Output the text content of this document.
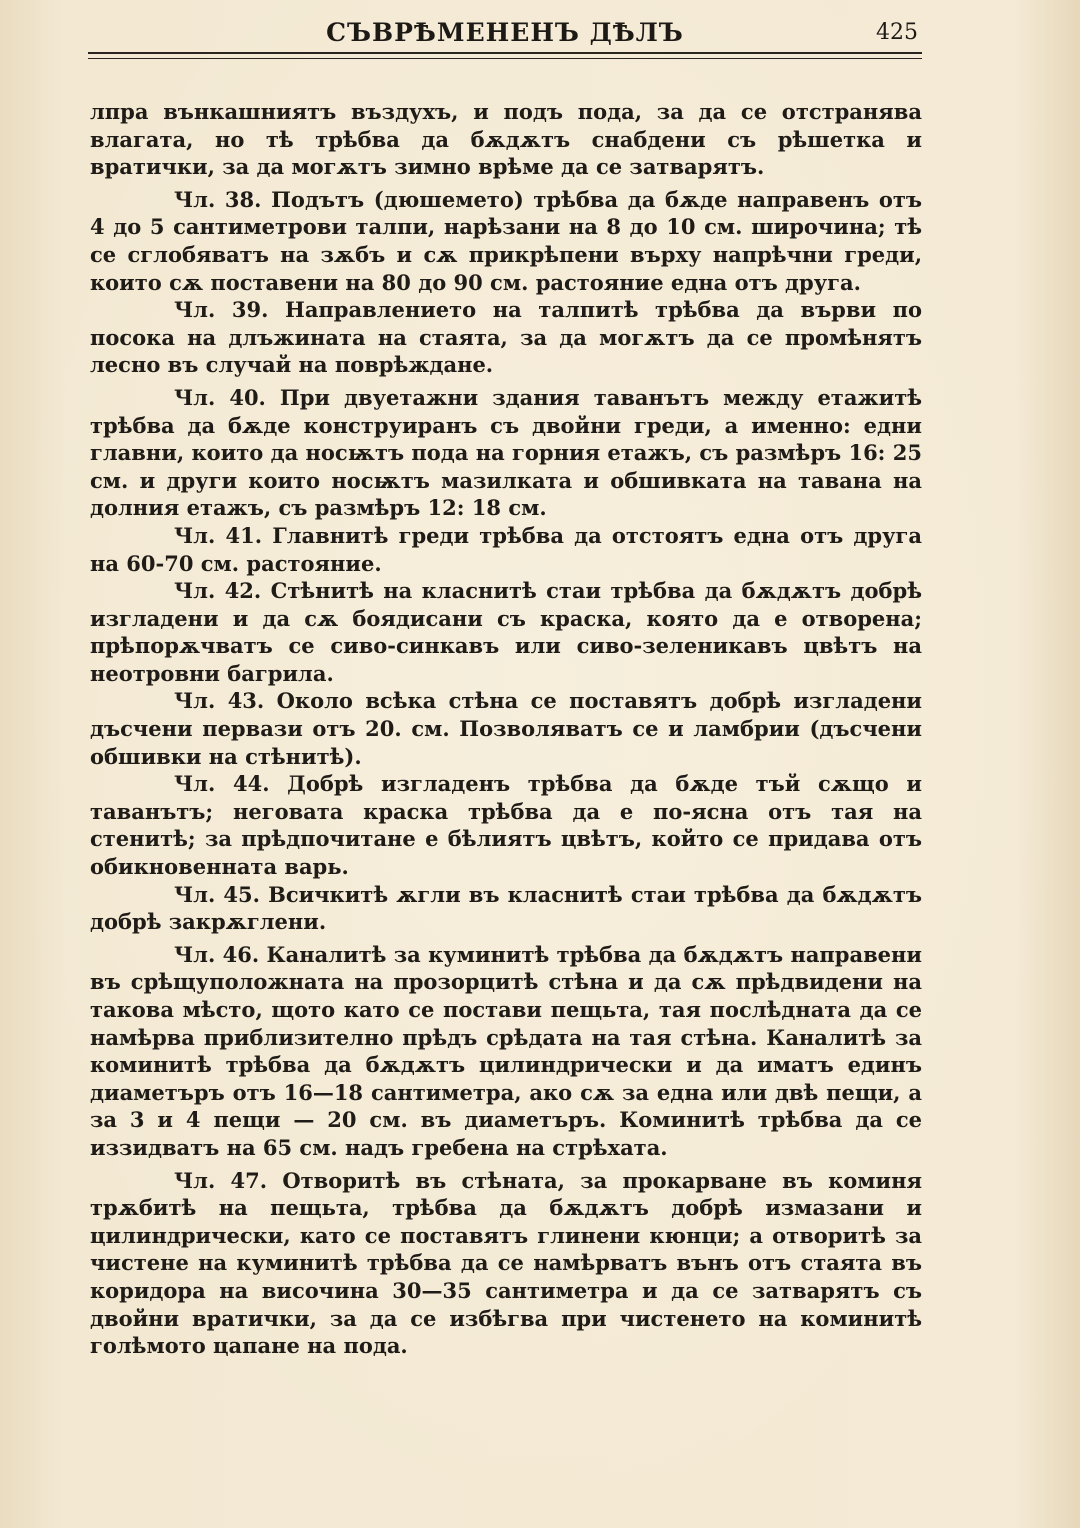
СЪВРѢМЕНЕНЪ ДѢЛЪ	425

лпра вънкашниятъ въздухъ, и подъ пода, за да се отстранява влагата, но тѣ трѣбва да бѫдѫтъ снабдени съ рѣшетка и вратички, за да могѫтъ зимно врѣме да се затварятъ.

Чл. 38. Подътъ (дюшемето) трѣбва да бѫде направенъ отъ 4 до 5 сантиметрови талпи, нарѣзани на 8 до 10 см. широчина; тѣ се сглобяватъ на зѫбъ и сѫ прикрѣпени върху напрѣчни греди, които сѫ поставени на 80 до 90 см. растояние една отъ друга.

Чл. 39. Направлението на талпитѣ трѣбва да върви по посока на длъжината на стаята, за да могѫтъ да се промѣнятъ лесно въ случай на поврѣждане.

Чл. 40. При двуетажни здания таванътъ между етажитѣ трѣбва да бѫде конструиранъ съ двойни греди, а именно: едни главни, които да носѭтъ пода на горния етажъ, съ размѣръ 16: 25 см. и други които носѭтъ мазилката и обшивката на тавана на долния етажъ, съ размѣръ 12: 18 см.

Чл. 41. Главнитѣ греди трѣбва да отстоятъ една отъ друга на 60-70 см. растояние.

Чл. 42. Стѣнитѣ на класнитѣ стаи трѣбва да бѫдѫтъ добрѣ изгладени и да сѫ боядисани съ краска, която да е отворена; прѣпорѫчватъ се сиво-синкавъ или сиво-зеленикавъ цвѣтъ на неотровни багрила.

Чл. 43. Около всѣка стѣна се поставятъ добрѣ изгладени дъсчени первази отъ 20. см. Позволяватъ се и ламбрии (дъсчени обшивки на стѣнитѣ).

Чл. 44. Добрѣ изгладенъ трѣбва да бѫде тъй сѫщо и таванътъ; неговата краска трѣбва да е по-ясна отъ тая на стенитѣ; за прѣдпочитане е бѣлиятъ цвѣтъ, който се придава отъ обикновенната варь.

Чл. 45. Всичкитѣ ѫгли въ класнитѣ стаи трѣбва да бѫдѫтъ добрѣ закрѫглени.

Чл. 46. Каналитѣ за куминитѣ трѣбва да бѫдѫтъ направени въ срѣщуположната на прозорцитѣ стѣна и да сѫ прѣдвидени на такова мѣсто, щото като се постави пещьта, тая послѣдната да се намѣрва приблизително прѣдъ срѣдата на тая стѣна. Каналитѣ за коминитѣ трѣбва да бѫдѫтъ цилиндрически и да иматъ единъ диаметъръ отъ 16—18 сантиметра, ако сѫ за една или двѣ пещи, а за 3 и 4 пещи — 20 см. въ диаметъръ. Коминитѣ трѣбва да се иззидватъ на 65 см. надъ гребена на стрѣхата.

Чл. 47. Отворитѣ въ стѣната, за прокарване въ коминя трѫбитѣ на пещьта, трѣбва да бѫдѫтъ добрѣ измазани и цилиндрически, като се поставятъ глинени кюнци; а отворитѣ за чистене на куминитѣ трѣбва да се намѣрватъ вънъ отъ стаята въ коридора на височина 30—35 сантиметра и да се затварятъ съ двойни вратички, за да се избѣгва при чистенето на коминитѣ голѣмото цапане на пода.
